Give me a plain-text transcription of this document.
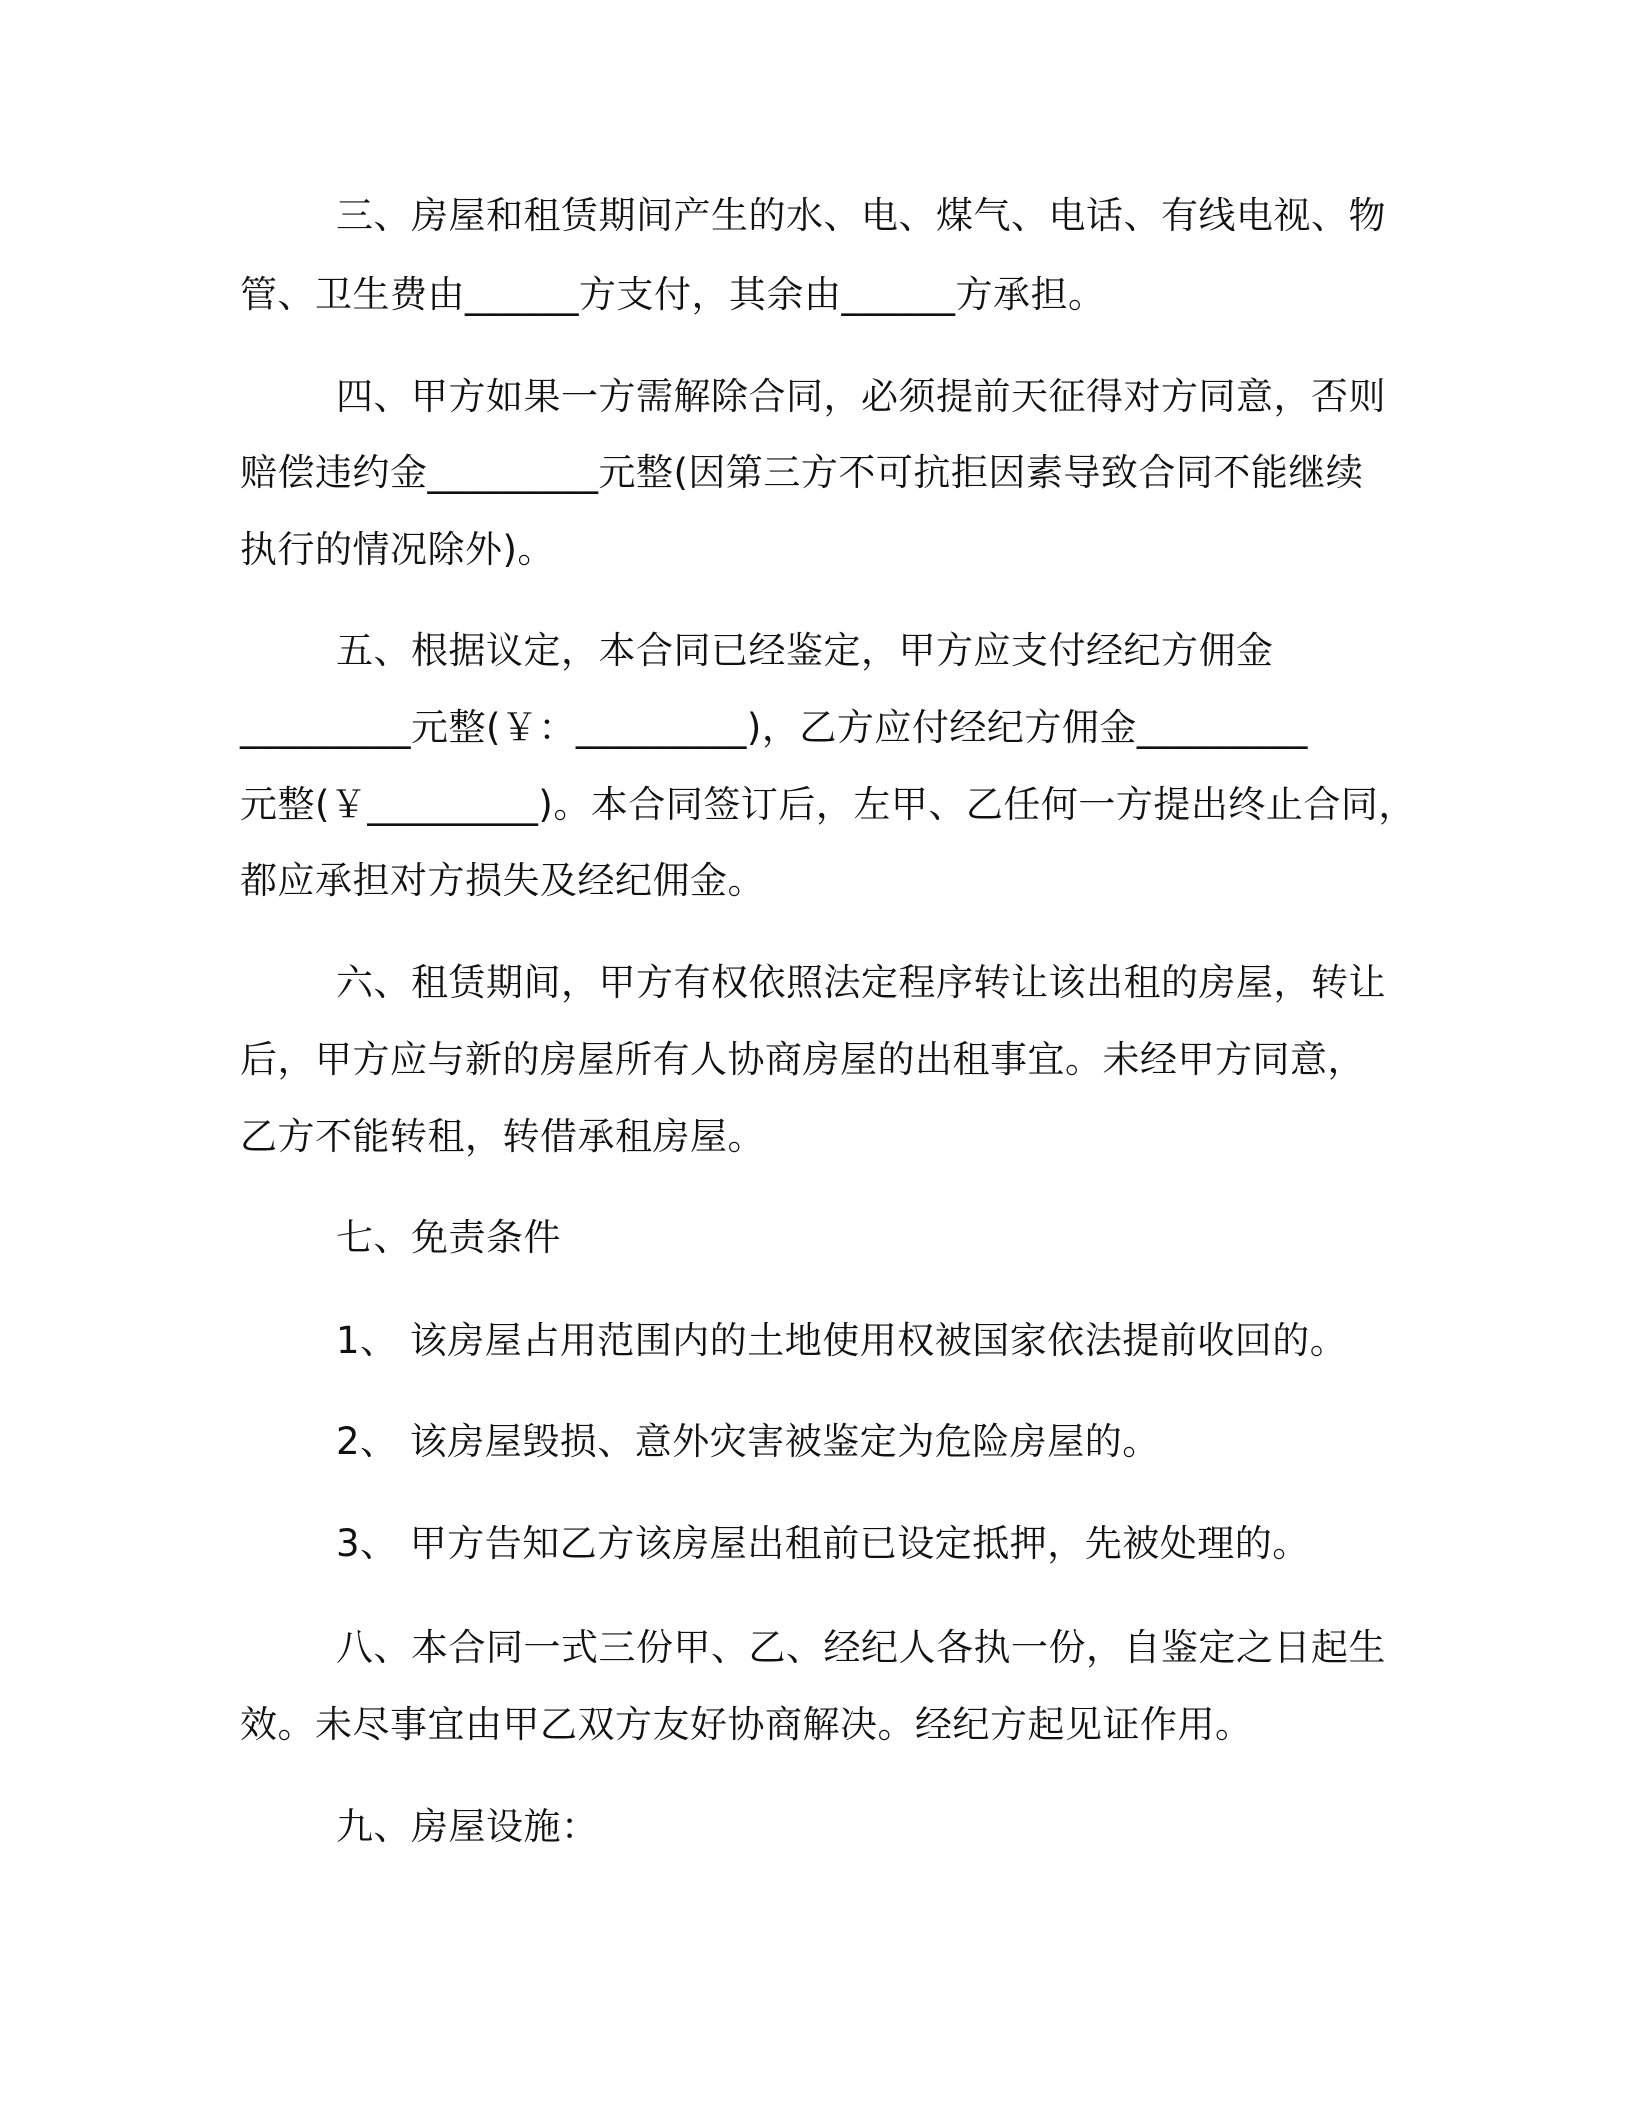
三、房屋和租赁期间产生的水、电、煤气、电话、有线电视、物
管、卫生费由______方支付，其余由______方承担。
四、甲方如果一方需解除合同，必须提前天征得对方同意，否则
赔偿违约金_________元整(因第三方不可抗拒因素导致合同不能继续
执行的情况除外)。
五、根据议定，本合同已经鉴定，甲方应支付经纪方佣金
_________元整(￥：_________)，乙方应付经纪方佣金_________
元整(￥_________)。本合同签订后，左甲、乙任何一方提出终止合同，
都应承担对方损失及经纪佣金。
六、租赁期间，甲方有权依照法定程序转让该出租的房屋，转让
后，甲方应与新的房屋所有人协商房屋的出租事宜。未经甲方同意，
乙方不能转租，转借承租房屋。
七、免责条件
1、 该房屋占用范围内的土地使用权被国家依法提前收回的。
2、 该房屋毁损、意外灾害被鉴定为危险房屋的。
3、 甲方告知乙方该房屋出租前已设定抵押，先被处理的。
八、本合同一式三份甲、乙、经纪人各执一份，自鉴定之日起生
效。未尽事宜由甲乙双方友好协商解决。经纪方起见证作用。
九、房屋设施：
